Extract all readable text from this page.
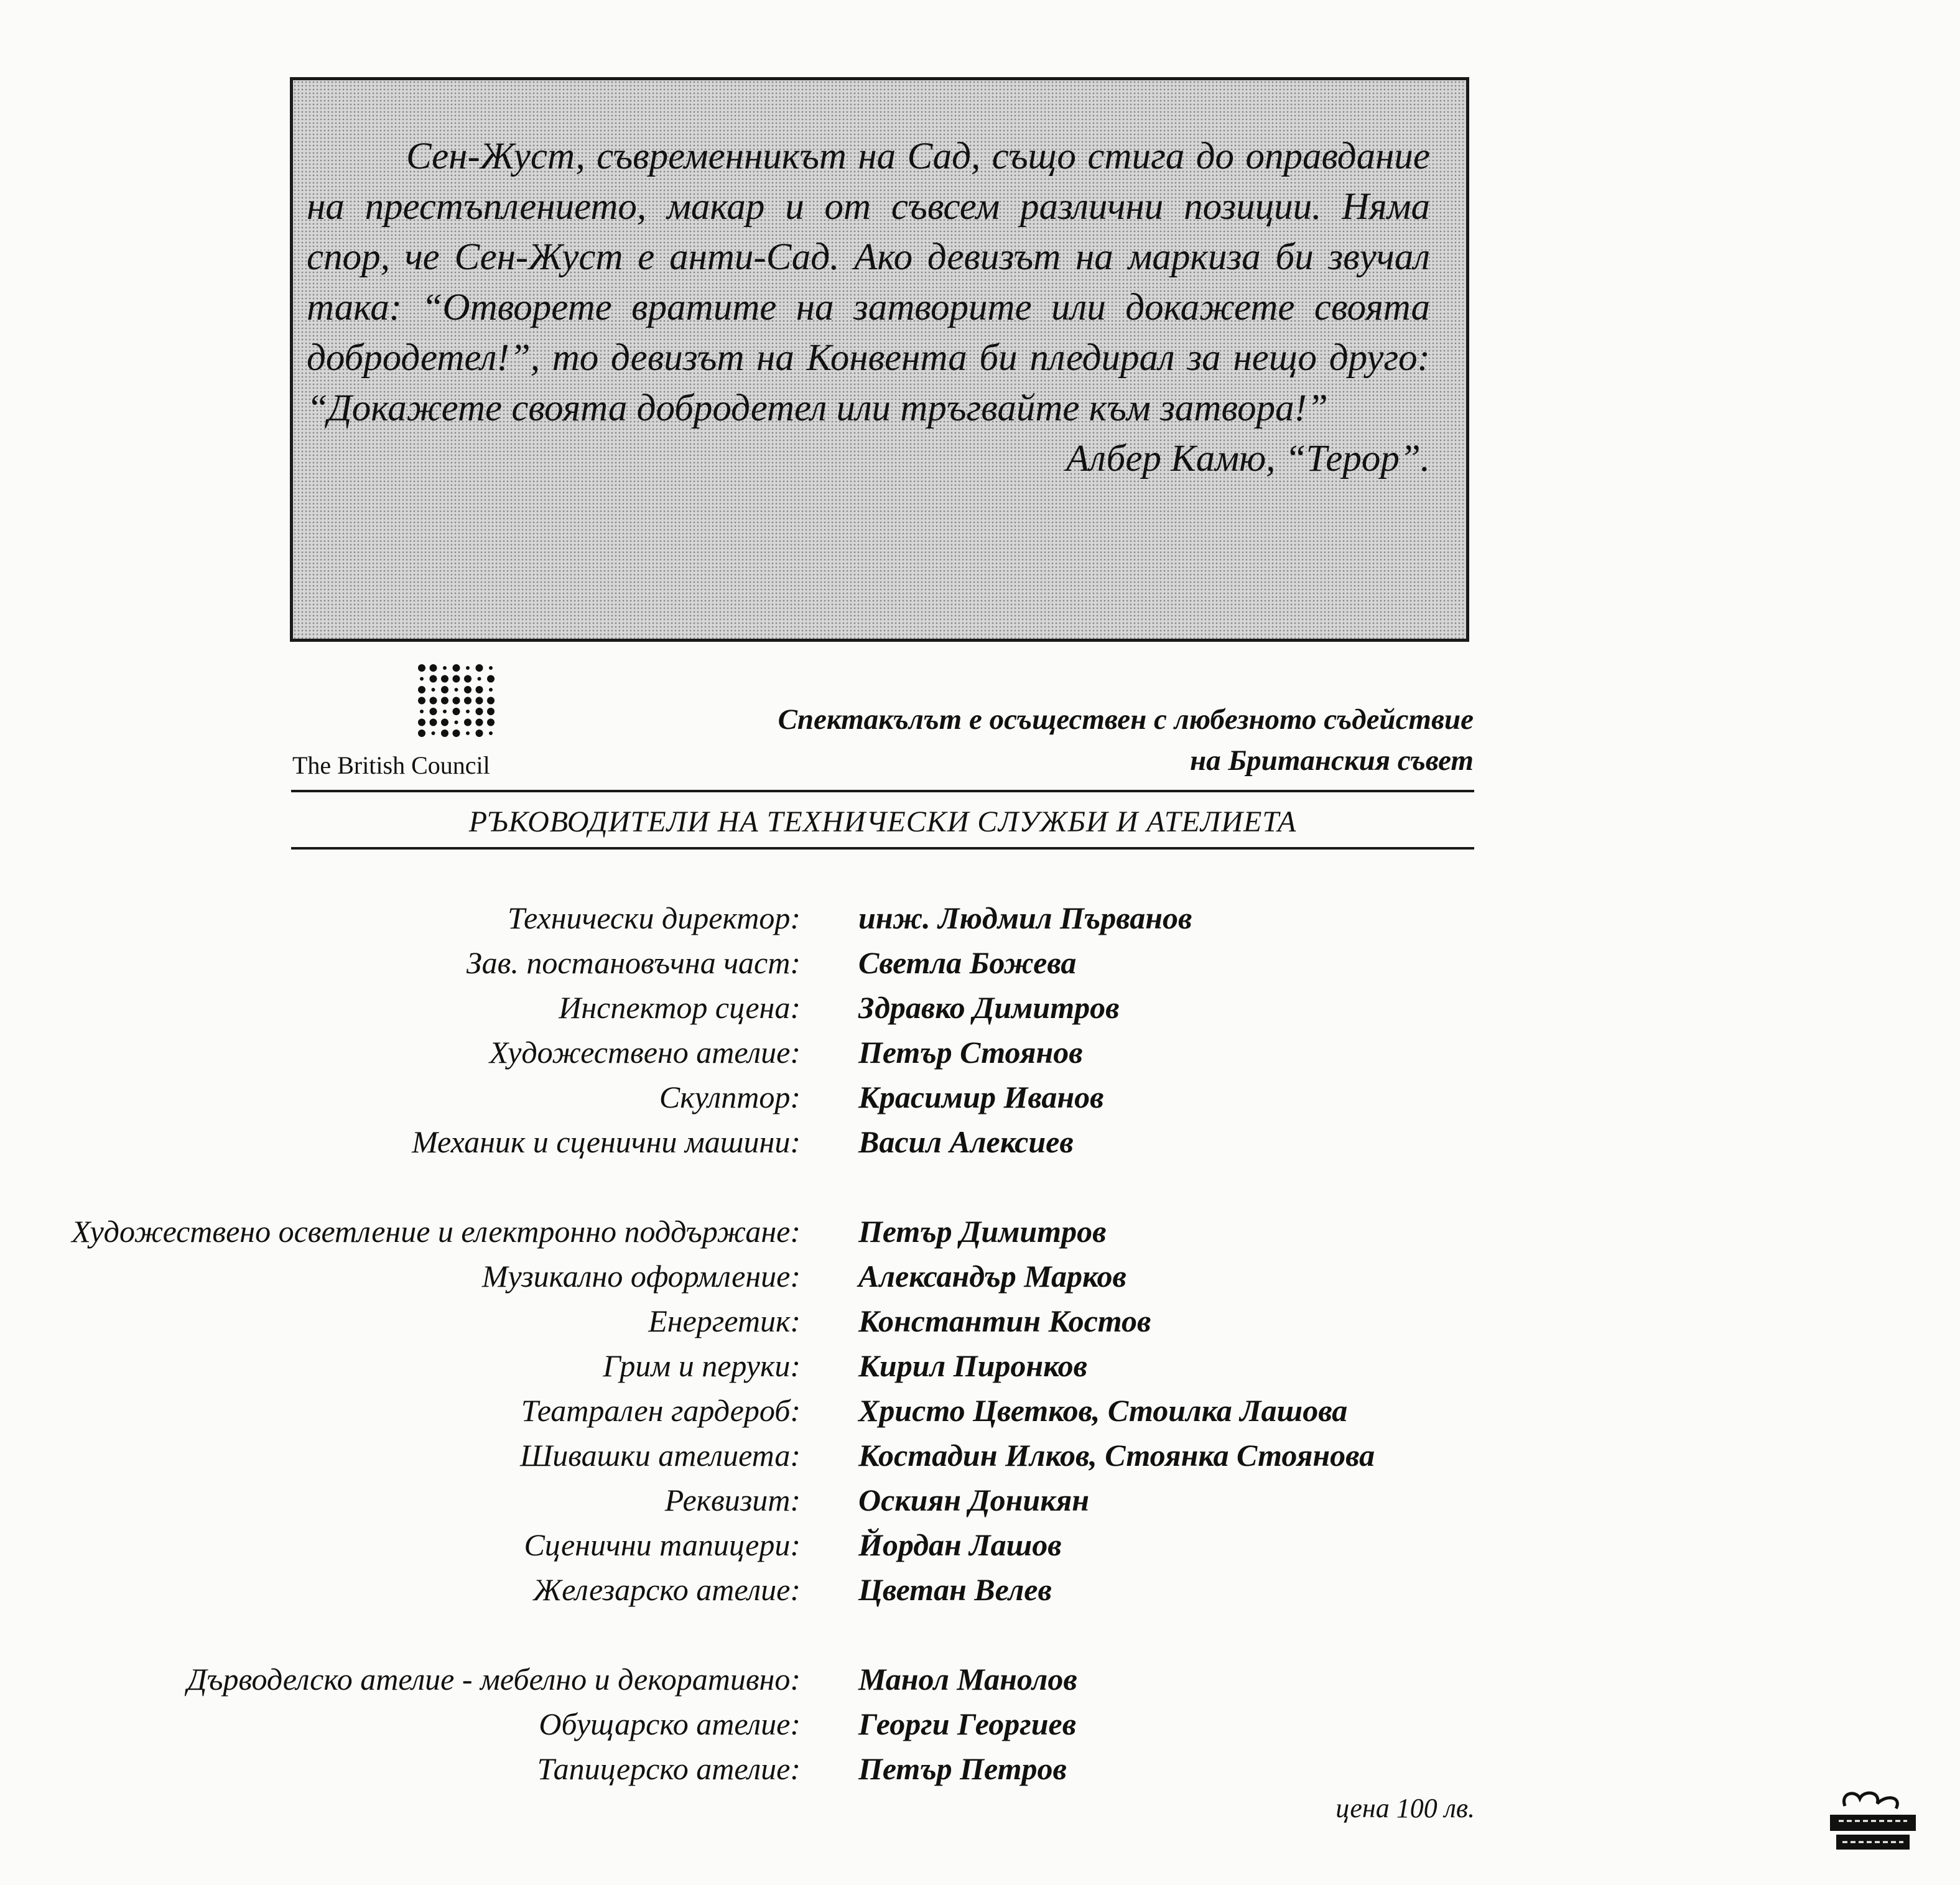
Сен-Жуст, съвременникът на Сад, също стига до оправдание на престъплението, макар и от съвсем различни позиции. Няма спор, че Сен-Жуст е анти-Сад. Ако девизът на маркиза би звучал така: “Отворете вратите на затворите или докажете своята добродетел!”, то девизът на Конвента би пледирал за нещо друго: “Докажете своята добродетел или тръгвайте към затвора!”

Албер Камю, “Терор”.

The British Council
Спектакълът е осъществен с любезното съдействие
на Британския съвет
РЪКОВОДИТЕЛИ НА ТЕХНИЧЕСКИ СЛУЖБИ И АТЕЛИЕТА
Технически директор: инж. Людмил Първанов
Зав. постановъчна част: Светла Божева
Инспектор сцена: Здравко Димитров
Художествено ателие: Петър Стоянов
Скулптор: Красимир Иванов
Механик и сценични машини: Васил Алексиев
Художествено осветление и електронно поддържане: Петър Димитров
Музикално оформление: Александър Марков
Енергетик: Константин Костов
Грим и перуки: Кирил Пиронков
Театрален гардероб: Христо Цветков, Стоилка Лашова
Шивашки ателиета: Костадин Илков, Стоянка Стоянова
Реквизит: Оскиян Доникян
Сценични тапицери: Йордан Лашов
Железарско ателие: Цветан Велев
Дърводелско ателие - мебелно и декоративно: Манол Манолов
Обущарско ателие: Георги Георгиев
Тапицерско ателие: Петър Петров
цена 100 лв.
